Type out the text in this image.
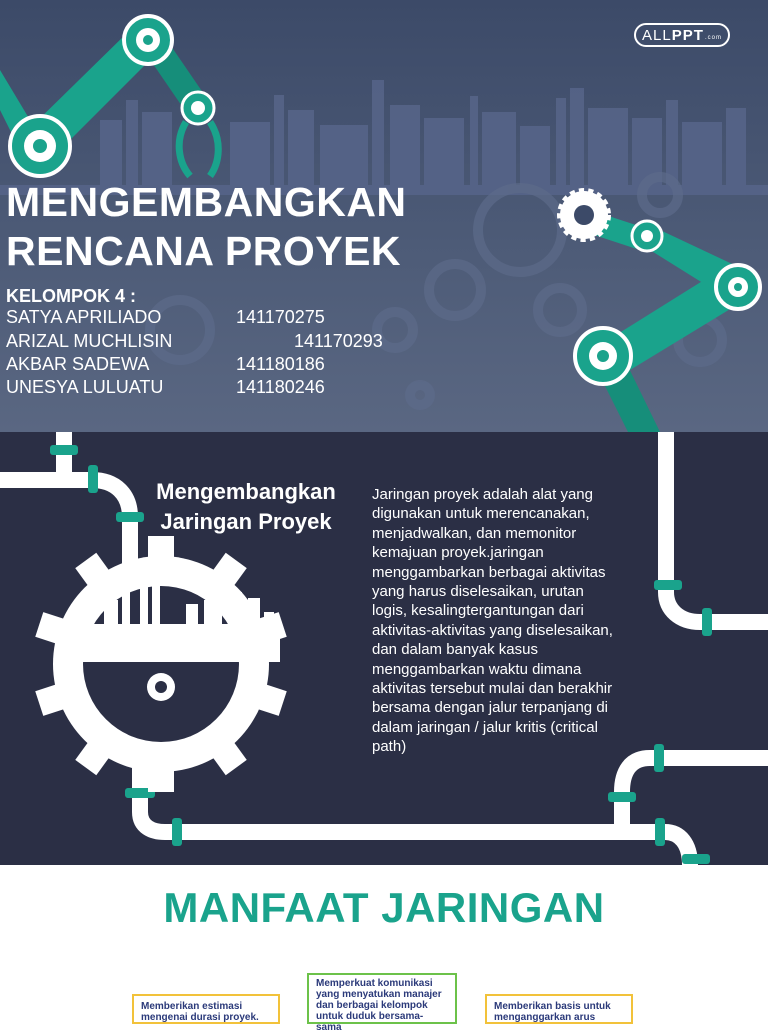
ALL PPT .com
MENGEMBANGKAN
RENCANA PROYEK
KELOMPOK 4 :
SATYA APRILIADO	141170275
ARIZAL MUCHLISIN	141170293
AKBAR SADEWA	141180186
UNESYA LULUATU	141180246
Mengembangkan
Jaringan Proyek

Jaringan proyek adalah alat yang digunakan untuk merencanakan, menjadwalkan, dan memonitor kemajuan proyek.jaringan menggambarkan berbagai aktivitas yang harus diselesaikan, urutan logis, kesalingtergantungan dari aktivitas-aktivitas yang diselesaikan, dan dalam banyak kasus menggambarkan waktu dimana aktivitas tersebut mulai dan berakhir bersama dengan jalur terpanjang di dalam jaringan / jalur kritis (critical path)

MANFAAT JARINGAN
Memberikan estimasi mengenai durasi proyek.
Memperkuat komunikasi yang menyatukan manajer dan berbagai kelompok untuk duduk bersama-sama
Memberikan basis untuk menganggarkan arus
